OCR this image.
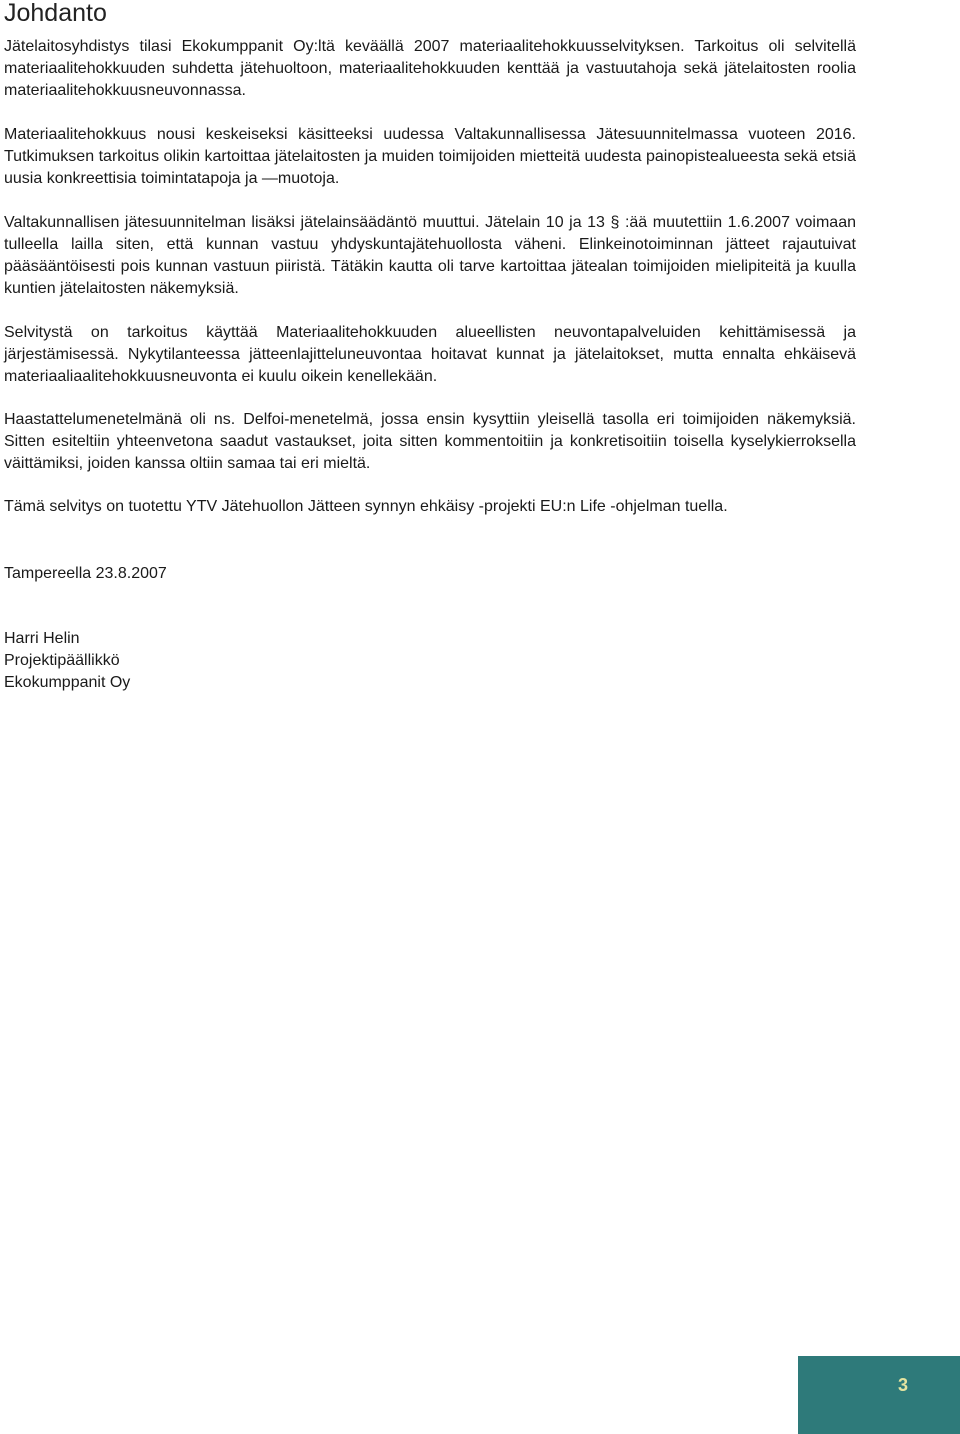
Johdanto

Jätelaitosyhdistys tilasi Ekokumppanit Oy:ltä keväällä 2007 materiaalitehokkuusselvityksen. Tarkoitus oli selvitellä materiaalitehokkuuden suhdetta jätehuoltoon, materiaalitehokkuuden kenttää ja vastuutahoja sekä jätelaitosten roolia materiaalitehokkuusneuvonnassa.

Materiaalitehokkuus nousi keskeiseksi käsitteeksi uudessa Valtakunnallisessa Jätesuunnitelmassa vuoteen 2016. Tutkimuksen tarkoitus olikin kartoittaa jätelaitosten ja muiden toimijoiden mietteitä uudesta painopistealueesta sekä etsiä uusia konkreettisia toimintatapoja ja —muotoja.

Valtakunnallisen jätesuunnitelman lisäksi jätelainsäädäntö muuttui. Jätelain 10 ja 13 § :ää muutettiin 1.6.2007 voimaan tulleella lailla siten, että kunnan vastuu yhdyskuntajätehuollosta väheni. Elinkeinotoiminnan jätteet rajautuivat pääsääntöisesti pois kunnan vastuun piiristä. Tätäkin kautta oli tarve kartoittaa jätealan toimijoiden mielipiteitä ja kuulla kuntien jätelaitosten näkemyksiä.

Selvitystä on tarkoitus käyttää Materiaalitehokkuuden alueellisten neuvontapalveluiden kehittämisessä ja järjestämisessä. Nykytilanteessa jätteenlajitteluneuvontaa hoitavat kunnat ja jätelaitokset, mutta ennalta ehkäisevä materiaaliaalitehokkuusneuvonta ei kuulu oikein kenellekään.

Haastattelumenetelmänä oli ns. Delfoi-menetelmä, jossa ensin kysyttiin yleisellä tasolla eri toimijoiden näkemyksiä. Sitten esiteltiin yhteenvetona saadut vastaukset, joita sitten kommentoitiin ja konkretisoitiin toisella kyselykierroksella väittämiksi, joiden kanssa oltiin samaa tai eri mieltä.

Tämä selvitys on tuotettu YTV Jätehuollon Jätteen synnyn ehkäisy -projekti EU:n Life -ohjelman tuella.

Tampereella 23.8.2007

Harri Helin

Projektipäällikkö

Ekokumppanit Oy

3
